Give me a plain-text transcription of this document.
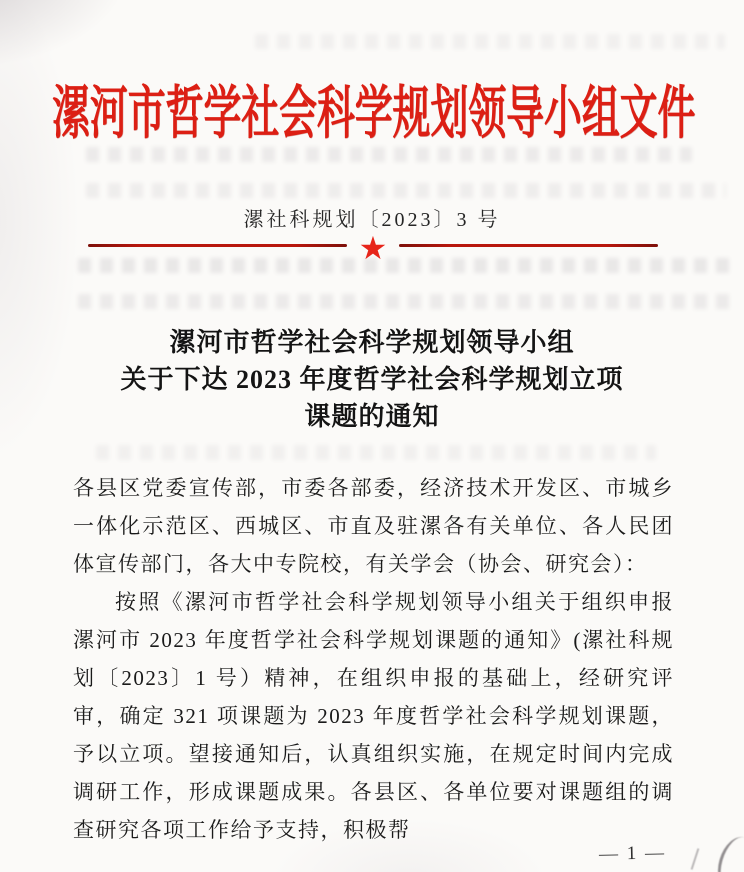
漯河市哲学社会科学规划领导小组文件
漯社科规划〔2023〕3 号
★
漯河市哲学社会科学规划领导小组
关于下达 2023 年度哲学社会科学规划立项
课题的通知

各县区党委宣传部，市委各部委，经济技术开发区、市城乡一体化示范区、西城区、市直及驻漯各有关单位、各人民团体宣传部门，各大中专院校，有关学会（协会、研究会）：

按照《漯河市哲学社会科学规划领导小组关于组织申报漯河市 2023 年度哲学社会科学规划课题的通知》(漯社科规划〔2023〕1 号）精神，在组织申报的基础上，经研究评审，确定 321 项课题为 2023 年度哲学社会科学规划课题，予以立项。望接通知后，认真组织实施，在规定时间内完成调研工作，形成课题成果。各县区、各单位要对课题组的调查研究各项工作给予支持，积极帮

— 1 —
